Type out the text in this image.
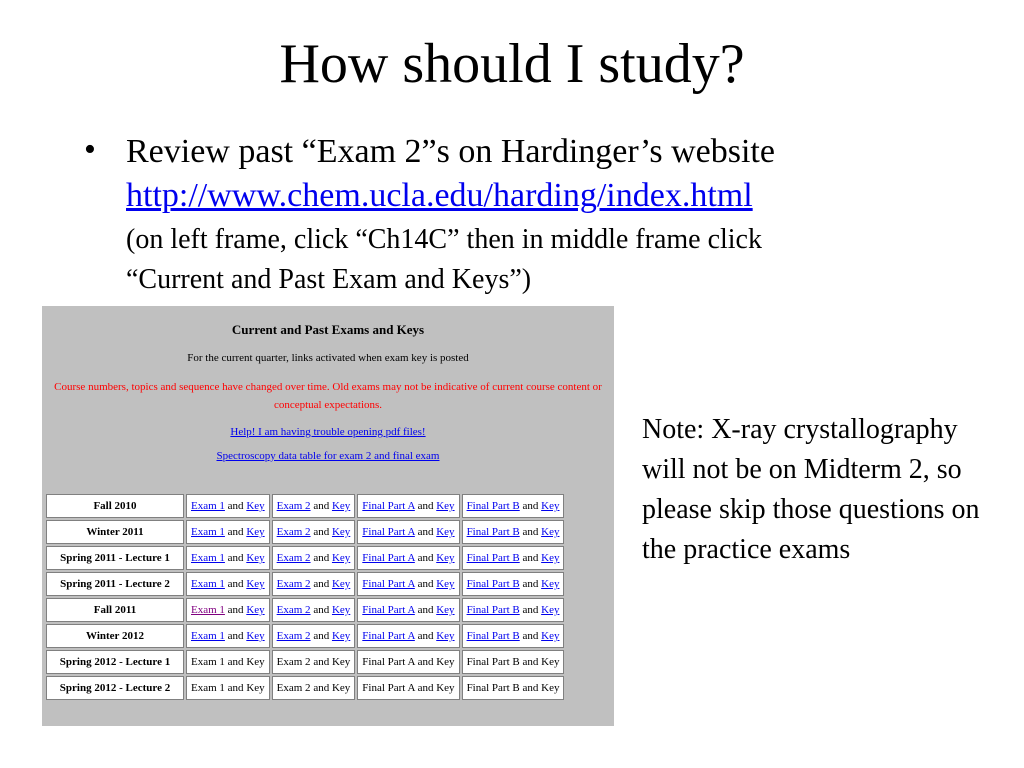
How should I study?
• Review past “Exam 2”s on Hardinger’s website
http://www.chem.ucla.edu/harding/index.html
(on left frame, click “Ch14C” then in middle frame click
“Current and Past Exam and Keys”)
Current and Past Exams and Keys
For the current quarter, links activated when exam key is posted
Course numbers, topics and sequence have changed over time. Old exams may not be indicative of current course content or conceptual expectations.
Help! I am having trouble opening pdf files!
Spectroscopy data table for exam 2 and final exam
Fall 2010	Exam 1 and Key	Exam 2 and Key	Final Part A and Key	Final Part B and Key
Winter 2011	Exam 1 and Key	Exam 2 and Key	Final Part A and Key	Final Part B and Key
Spring 2011 - Lecture 1	Exam 1 and Key	Exam 2 and Key	Final Part A and Key	Final Part B and Key
Spring 2011 - Lecture 2	Exam 1 and Key	Exam 2 and Key	Final Part A and Key	Final Part B and Key
Fall 2011	Exam 1 and Key	Exam 2 and Key	Final Part A and Key	Final Part B and Key
Winter 2012	Exam 1 and Key	Exam 2 and Key	Final Part A and Key	Final Part B and Key
Spring 2012 - Lecture 1	Exam 1 and Key	Exam 2 and Key	Final Part A and Key	Final Part B and Key
Spring 2012 - Lecture 2	Exam 1 and Key	Exam 2 and Key	Final Part A and Key	Final Part B and Key
Note: X-ray crystallography will not be on Midterm 2, so please skip those questions on the practice exams
